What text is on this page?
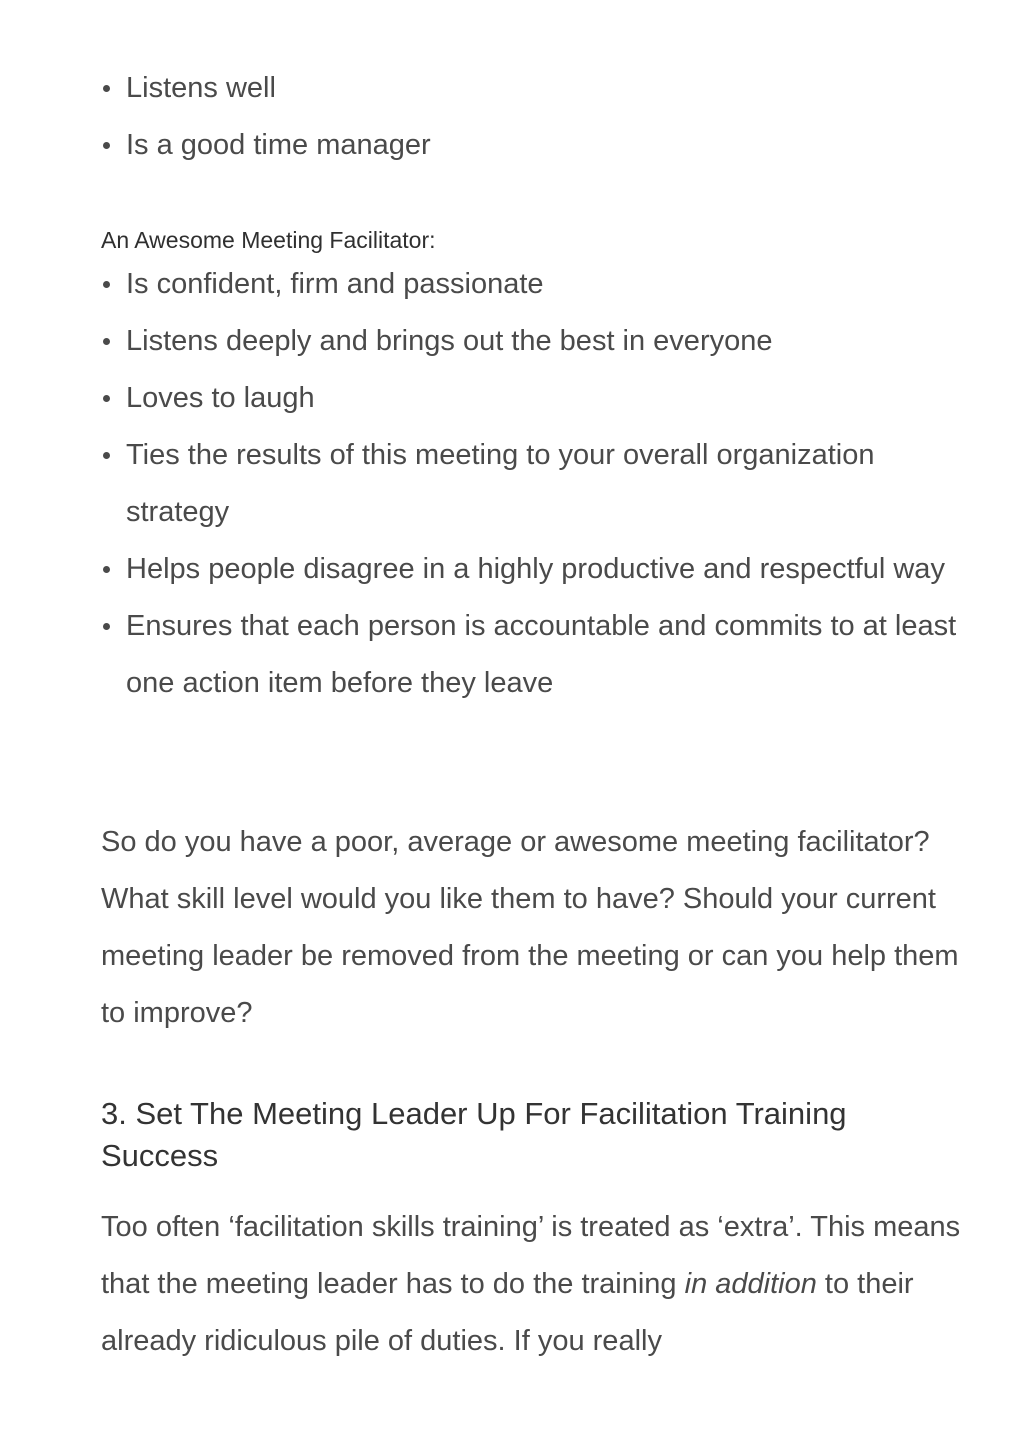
Listens well
Is a good time manager
An Awesome Meeting Facilitator:
Is confident, firm and passionate
Listens deeply and brings out the best in everyone
Loves to laugh
Ties the results of this meeting to your overall organization strategy
Helps people disagree in a highly productive and respectful way
Ensures that each person is accountable and commits to at least one action item before they leave

So do you have a poor, average or awesome meeting facilitator? What skill level would you like them to have? Should your current meeting leader be removed from the meeting or can you help them to improve?

3. Set The Meeting Leader Up For Facilitation Training Success

Too often ‘facilitation skills training’ is treated as ‘extra’. This means that the meeting leader has to do the training in addition to their already ridiculous pile of duties. If you really
